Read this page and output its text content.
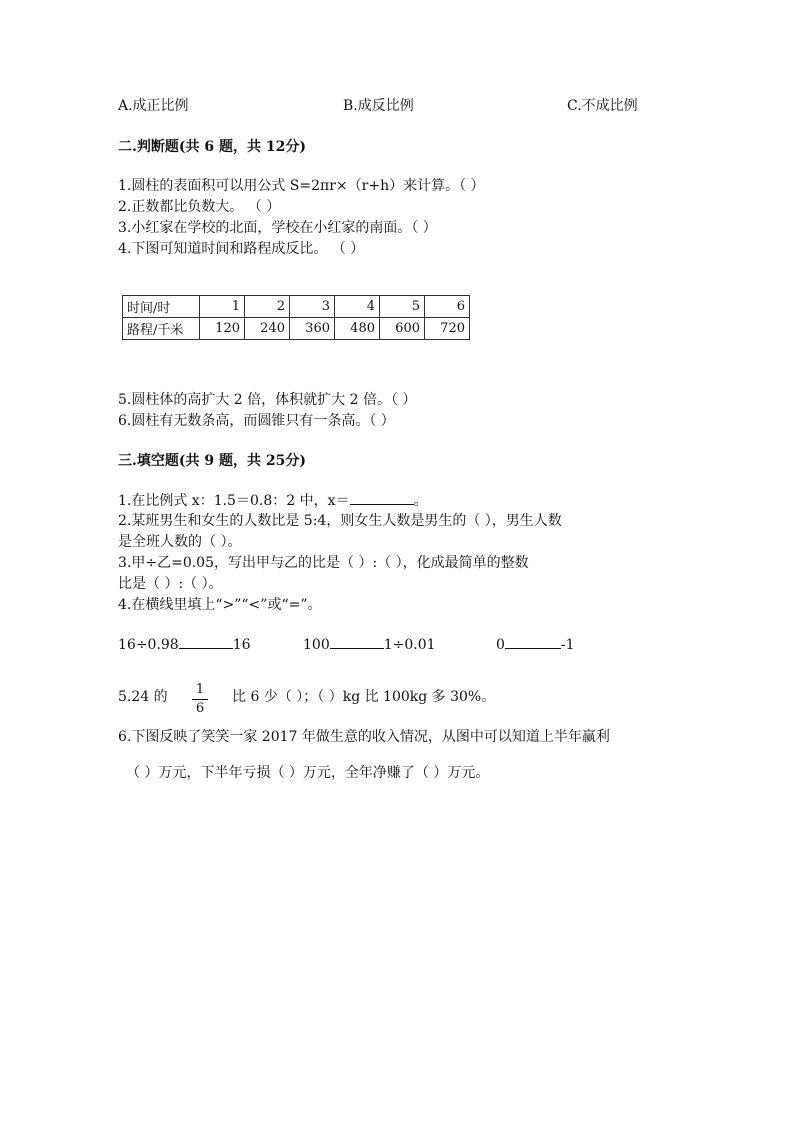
A.成正比例	B.成反比例	C.不成比例
二.判断题(共 6 题，共 12分)
1.圆柱的表面积可以用公式 S=2πr×（r+h）来计算。（ ）
2.正数都比负数大。 （ ）
3.小红家在学校的北面，学校在小红家的南面。（ ）
4.下图可知道时间和路程成反比。 （ ）
时间/时	1	2	3	4	5	6
路程/千米	120	240	360	480	600	720
5.圆柱体的高扩大 2 倍，体积就扩大 2 倍。（ ）
6.圆柱有无数条高，而圆锥只有一条高。（ ）
三.填空题(共 9 题，共 25分)
1.在比例式 x：1.5＝0.8：2 中，x＝	。
2.某班男生和女生的人数比是 5:4，则女生人数是男生的（ ），男生人数
是全班人数的（ ）。
3.甲÷乙=0.05，写出甲与乙的比是（ ）:（ ），化成最简单的整数
比是（ ）:（ ）。
4.在横线里填上“>”“<”或“=”。
16÷0.98	16	100	1÷0.01	0	-1
5.24 的 1
6
比 6 少（ ）；（ ）kg 比 100kg 多 30%。
6.下图反映了笑笑一家 2017 年做生意的收入情况，从图中可以知道上半年赢利
（ ）万元，下半年亏损（ ）万元，全年净赚了（ ）万元。
